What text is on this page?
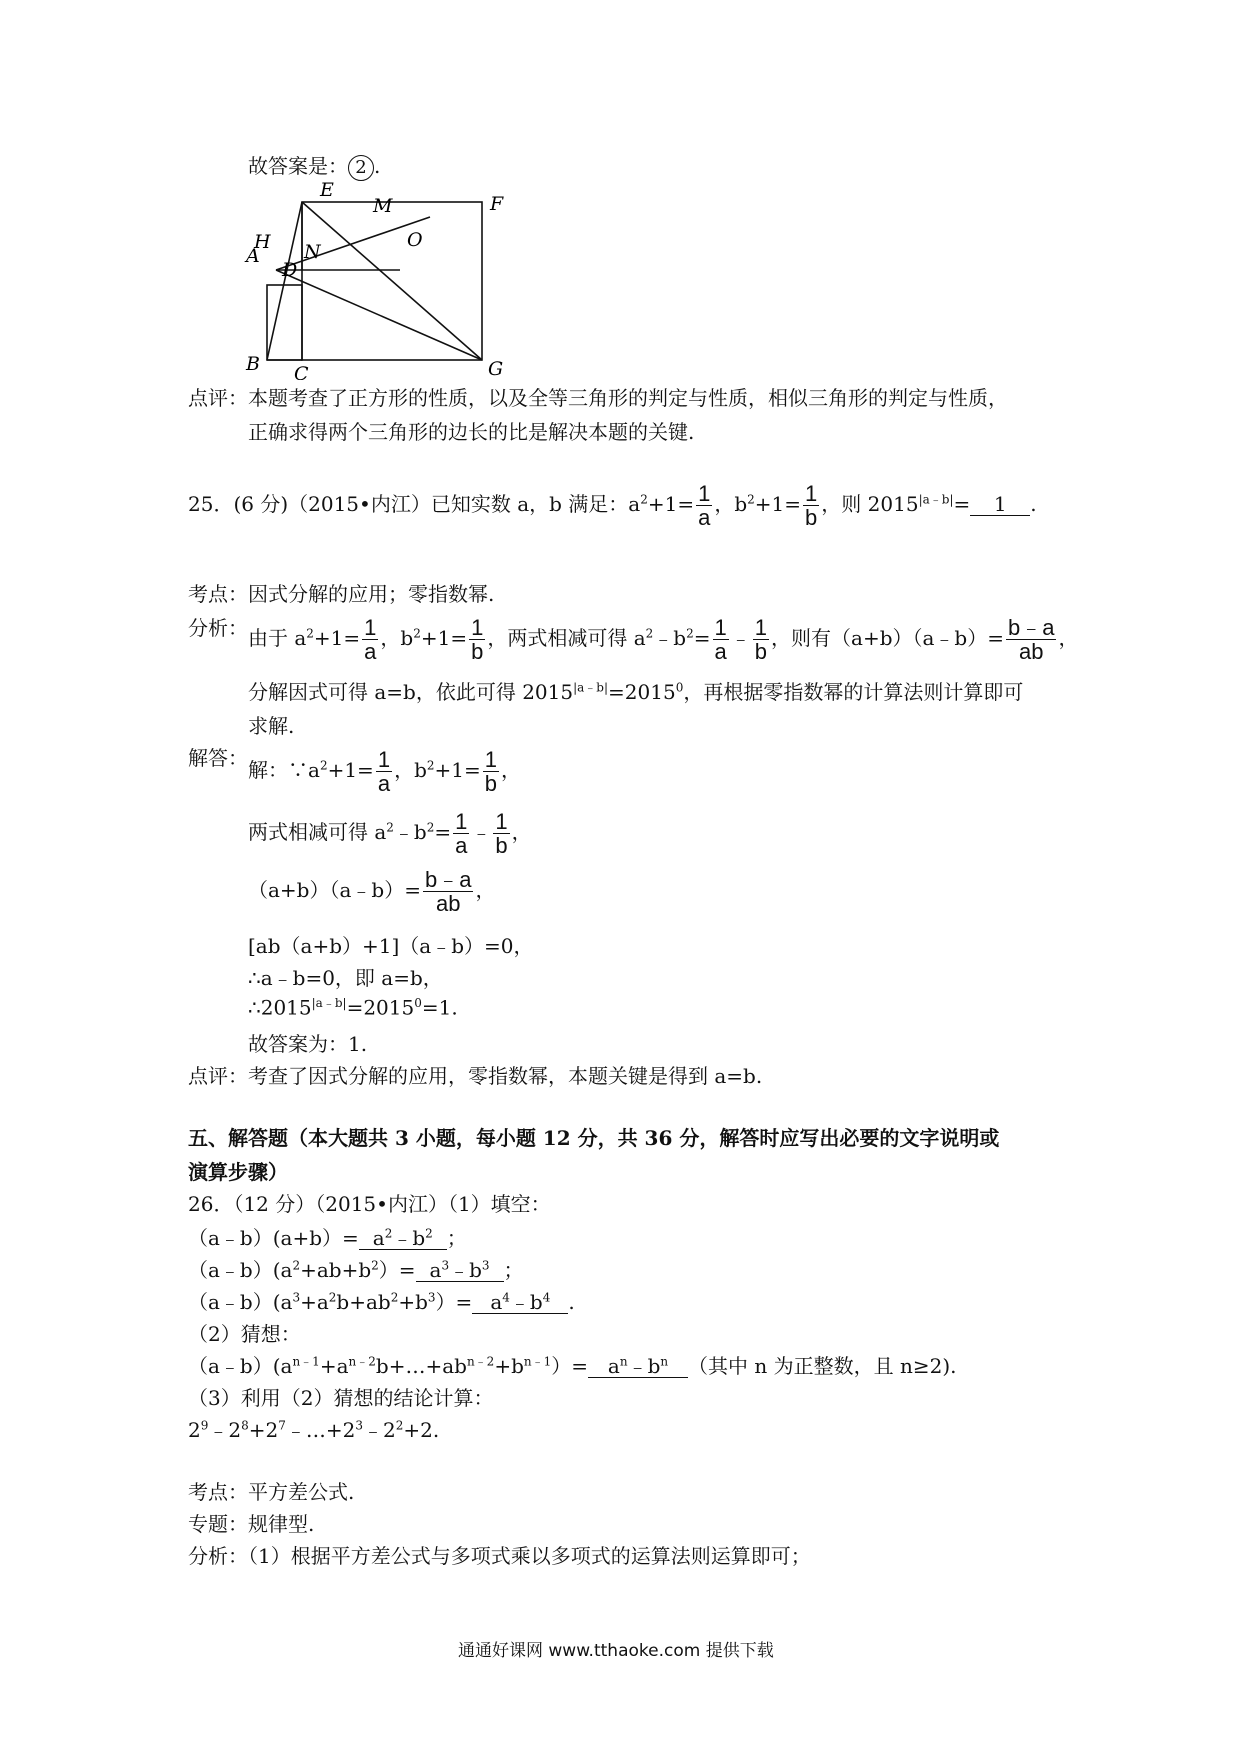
故答案是： 2 .
E
F
M
O
H N
A
D
B C	G
点评：本题考查了正方形的性质，以及全等三角形的判定与性质，相似三角形的判定与性质，
正确求得两个三角形的边长的比是解决本题的关键.
25．(6 分)（2015•内江）已知实数 a，b 满足：$a^2+1= \frac{1}{a}$ ，$b^2+1= \frac{1}{b}$ ，则 $2015^{|a﹣b|}= 1$ .
考点：因式分解的应用；零指数幂.
分析： 由于 $a^2+1= \frac{1}{a}$ ，$b^2+1= \frac{1}{b}$ ，两式相减可得 $a^2﹣b^2= \frac{1}{a}$ ﹣ $\frac{1}{b}$ ，则有（a+b）（a﹣b）= $\frac{b﹣a}{ab}$ ，
分解因式可得 a=b，依此可得 $2015^{|a﹣b|}=2015^0$，再根据零指数幂的计算法则计算即可
求解.
解答：
解：$\because a^2+1= \frac{1}{a}$ ，$b^2+1= \frac{1}{b}$ ，
两式相减可得 $a^2﹣b^2= \frac{1}{a}$ ﹣ $\frac{1}{b}$ ，
（a+b）（a﹣b）= $\frac{b﹣a}{ab}$ ，
[ab（a+b）+1]（a﹣b）=0，
∴a﹣b=0，即 a=b，
$\therefore 2015^{|a﹣b|}=2015^0=1$.
故答案为：1.
点评：考查了因式分解的应用，零指数幂，本题关键是得到 a=b.
五、解答题（本大题共 3 小题，每小题 12 分，共 36 分，解答时应写出必要的文字说明或
演算步骤）
26．（12 分）（2015•内江）（1）填空：
（a﹣b）(a+b）= $a^2﹣b^2$ ；
$(a﹣b)(a^2+ab+b^2)=$ $a^3﹣b^3$ ；
$(a﹣b)(a^3+a^2b+ab^2+b^3)=$ $a^4﹣b^4$ .
（2）猜想：
$(a﹣b)(a^{n﹣1}+a^{n﹣2}b+\dots+ab^{n﹣2}+b^{n﹣1})=$ $a^n﹣b^n$ （其中 n 为正整数，且 n≥2).
（3）利用（2）猜想的结论计算：
$2^9﹣2^8+2^7﹣\dots+2^3﹣2^2+2$.
考点：平方差公式.
专题：规律型.
分析：（1）根据平方差公式与多项式乘以多项式的运算法则运算即可；
通通好课网 www.tthaoke.com 提供下载
